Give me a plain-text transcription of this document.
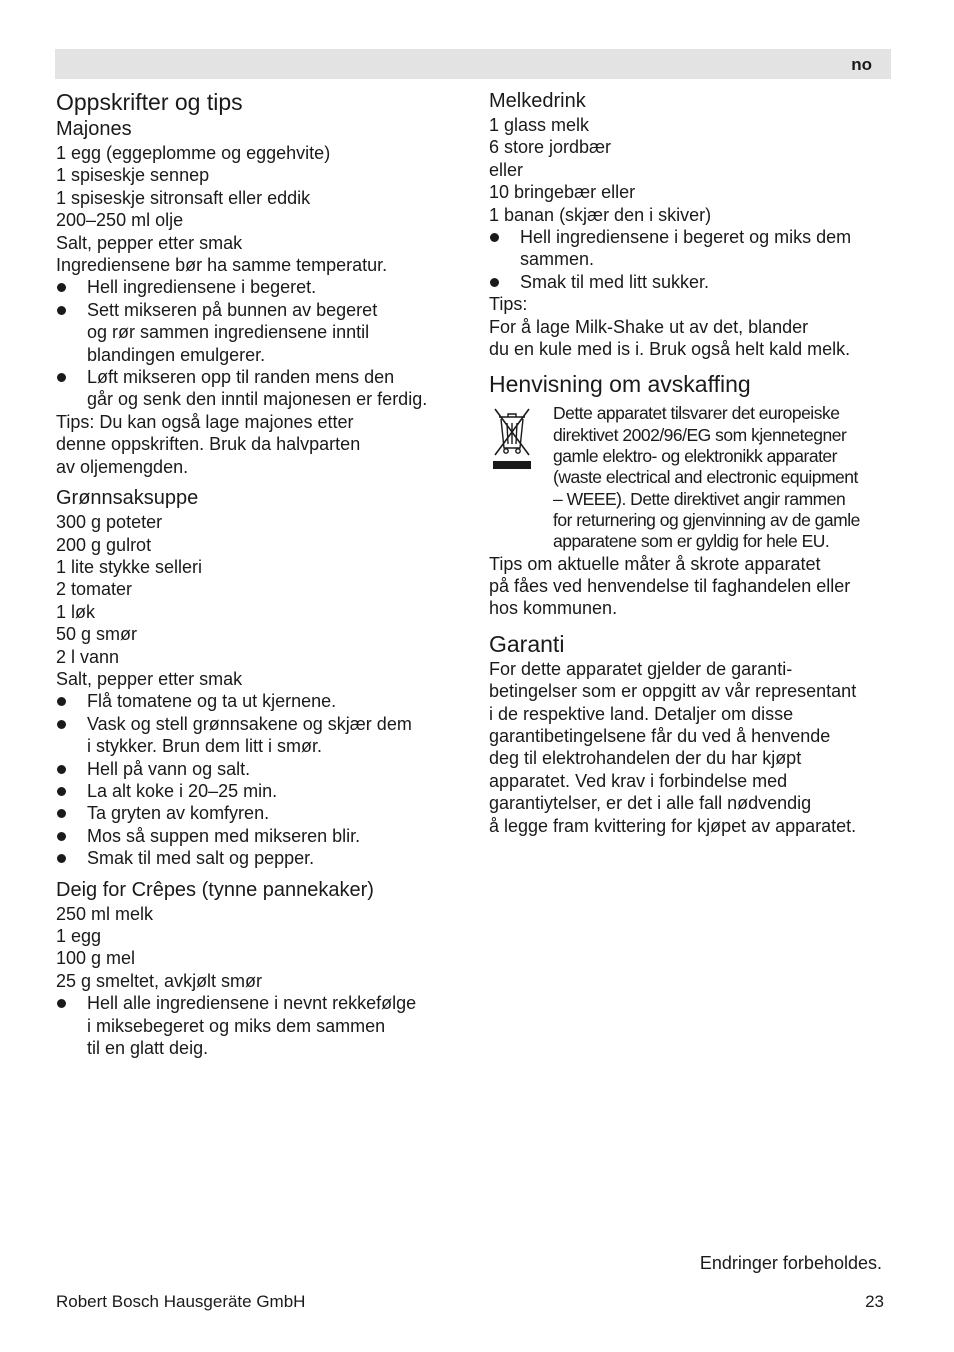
no
Oppskrifter og tips
Majones
1 egg (eggeplomme og eggehvite)
1 spiseskje sennep
1 spiseskje sitronsaft eller eddik
200–250 ml olje
Salt, pepper etter smak
Ingrediensene bør ha samme temperatur.
Hell ingrediensene i begeret.
Sett mikseren på bunnen av begeret
og rør sammen ingrediensene inntil
blandingen emulgerer.
Løft mikseren opp til randen mens den
går og senk den inntil majonesen er ferdig.
Tips: Du kan også lage majones etter
denne oppskriften. Bruk da halvparten
av oljemengden.
Grønnsaksuppe
300 g poteter
200 g gulrot
1 lite stykke selleri
2 tomater
1 løk
50 g smør
2 l vann
Salt, pepper etter smak
Flå tomatene og ta ut kjernene.
Vask og stell grønnsakene og skjær dem
i stykker. Brun dem litt i smør.
Hell på vann og salt.
La alt koke i 20–25 min.
Ta gryten av komfyren.
Mos så suppen med mikseren blir.
Smak til med salt og pepper.
Deig for Crêpes (tynne pannekaker)
250 ml melk
1 egg
100 g mel
25 g smeltet, avkjølt smør
Hell alle ingrediensene i nevnt rekkefølge
i miksebegeret og miks dem sammen
til en glatt deig.
Melkedrink
1 glass melk
6 store jordbær
eller
10 bringebær eller
1 banan (skjær den i skiver)
Hell ingrediensene i begeret og miks dem
sammen.
Smak til med litt sukker.
Tips:
For å lage Milk-Shake ut av det, blander
du en kule med is i. Bruk også helt kald melk.
Henvisning om avskaffing
Dette apparatet tilsvarer det europeiske
direktivet 2002/96/EG som kjennetegner
gamle elektro- og elektronikk apparater
(waste electrical and electronic equipment
– WEEE). Dette direktivet angir rammen
for returnering og gjenvinning av de gamle
apparatene som er gyldig for hele EU.
Tips om aktuelle måter å skrote apparatet
på fåes ved henvendelse til faghandelen eller
hos kommunen.
Garanti
For dette apparatet gjelder de garanti-
betingelser som er oppgitt av vår representant
i de respektive land. Detaljer om disse
garantibetingelsene får du ved å henvende
deg til elektrohandelen der du har kjøpt
apparatet. Ved krav i forbindelse med
garantiytelser, er det i alle fall nødvendig
å legge fram kvittering for kjøpet av apparatet.
Endringer forbeholdes.
Robert Bosch Hausgeräte GmbH	23
